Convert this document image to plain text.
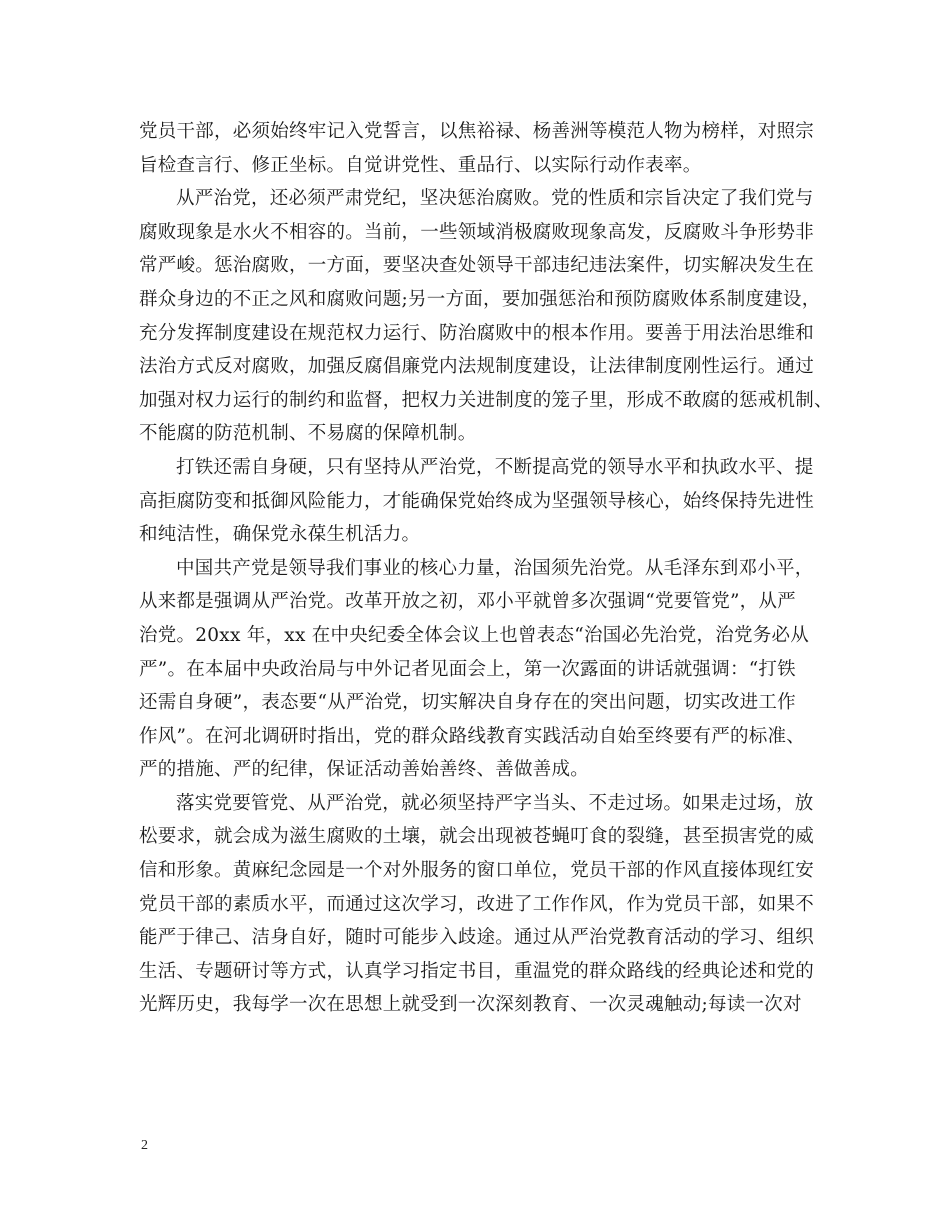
党员干部，必须始终牢记入党誓言，以焦裕禄、杨善洲等模范人物为榜样，对照宗
旨检查言行、修正坐标。自觉讲党性、重品行、以实际行动作表率。
从严治党，还必须严肃党纪，坚决惩治腐败。党的性质和宗旨决定了我们党与
腐败现象是水火不相容的。当前，一些领域消极腐败现象高发，反腐败斗争形势非
常严峻。惩治腐败，一方面，要坚决查处领导干部违纪违法案件，切实解决发生在
群众身边的不正之风和腐败问题;另一方面，要加强惩治和预防腐败体系制度建设，
充分发挥制度建设在规范权力运行、防治腐败中的根本作用。要善于用法治思维和
法治方式反对腐败，加强反腐倡廉党内法规制度建设，让法律制度刚性运行。通过
加强对权力运行的制约和监督，把权力关进制度的笼子里，形成不敢腐的惩戒机制、
不能腐的防范机制、不易腐的保障机制。
打铁还需自身硬，只有坚持从严治党，不断提高党的领导水平和执政水平、提
高拒腐防变和抵御风险能力，才能确保党始终成为坚强领导核心，始终保持先进性
和纯洁性，确保党永葆生机活力。
中国共产党是领导我们事业的核心力量，治国须先治党。从毛泽东到邓小平，
从来都是强调从严治党。改革开放之初，邓小平就曾多次强调“党要管党”，从严
治党。20xx 年，xx 在中央纪委全体会议上也曾表态“治国必先治党，治党务必从
严”。在本届中央政治局与中外记者见面会上，第一次露面的讲话就强调：“打铁
还需自身硬”，表态要“从严治党，切实解决自身存在的突出问题，切实改进工作
作风”。在河北调研时指出，党的群众路线教育实践活动自始至终要有严的标准、
严的措施、严的纪律，保证活动善始善终、善做善成。
落实党要管党、从严治党，就必须坚持严字当头、不走过场。如果走过场，放
松要求，就会成为滋生腐败的土壤，就会出现被苍蝇叮食的裂缝，甚至损害党的威
信和形象。黄麻纪念园是一个对外服务的窗口单位，党员干部的作风直接体现红安
党员干部的素质水平，而通过这次学习，改进了工作作风，作为党员干部，如果不
能严于律己、洁身自好，随时可能步入歧途。通过从严治党教育活动的学习、组织
生活、专题研讨等方式，认真学习指定书目，重温党的群众路线的经典论述和党的
光辉历史，我每学一次在思想上就受到一次深刻教育、一次灵魂触动;每读一次对
2
